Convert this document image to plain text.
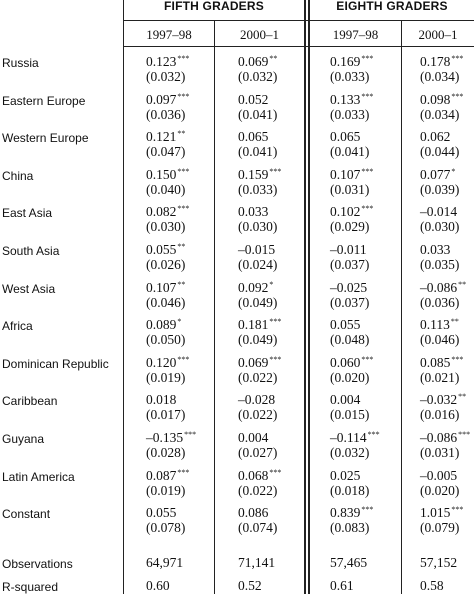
FIFTH GRADERS	EIGHTH GRADERS
1997–98	2000–1	1997–98	2000–1
Russia	0.123***	0.069**	0.169***	0.178***
(0.032)	(0.032)	(0.033)	(0.034)
Eastern Europe	0.097***	0.052	0.133***	0.098***
(0.036)	(0.041)	(0.033)	(0.034)
Western Europe	0.121**	0.065	0.065	0.062
(0.047)	(0.041)	(0.041)	(0.044)
China	0.150***	0.159***	0.107***	0.077*
(0.040)	(0.033)	(0.031)	(0.039)
East Asia	0.082***	0.033	0.102***	–0.014
(0.030)	(0.030)	(0.029)	(0.030)
South Asia	0.055**	–0.015	–0.011	0.033
(0.026)	(0.024)	(0.037)	(0.035)
West Asia	0.107**	0.092*	–0.025	–0.086**
(0.046)	(0.049)	(0.037)	(0.036)
Africa	0.089*	0.181***	0.055	0.113**
(0.050)	(0.049)	(0.048)	(0.046)
Dominican Republic	0.120***	0.069***	0.060***	0.085***
(0.019)	(0.022)	(0.020)	(0.021)
Caribbean	0.018	–0.028	0.004	–0.032**
(0.017)	(0.022)	(0.015)	(0.016)
Guyana	–0.135***	0.004	–0.114***	–0.086***
(0.028)	(0.027)	(0.032)	(0.031)
Latin America	0.087***	0.068***	0.025	–0.005
(0.019)	(0.022)	(0.018)	(0.020)
Constant	0.055	0.086	0.839***	1.015***
(0.078)	(0.074)	(0.083)	(0.079)
Observations	64,971	71,141	57,465	57,152
R-squared	0.60	0.52	0.61	0.58
